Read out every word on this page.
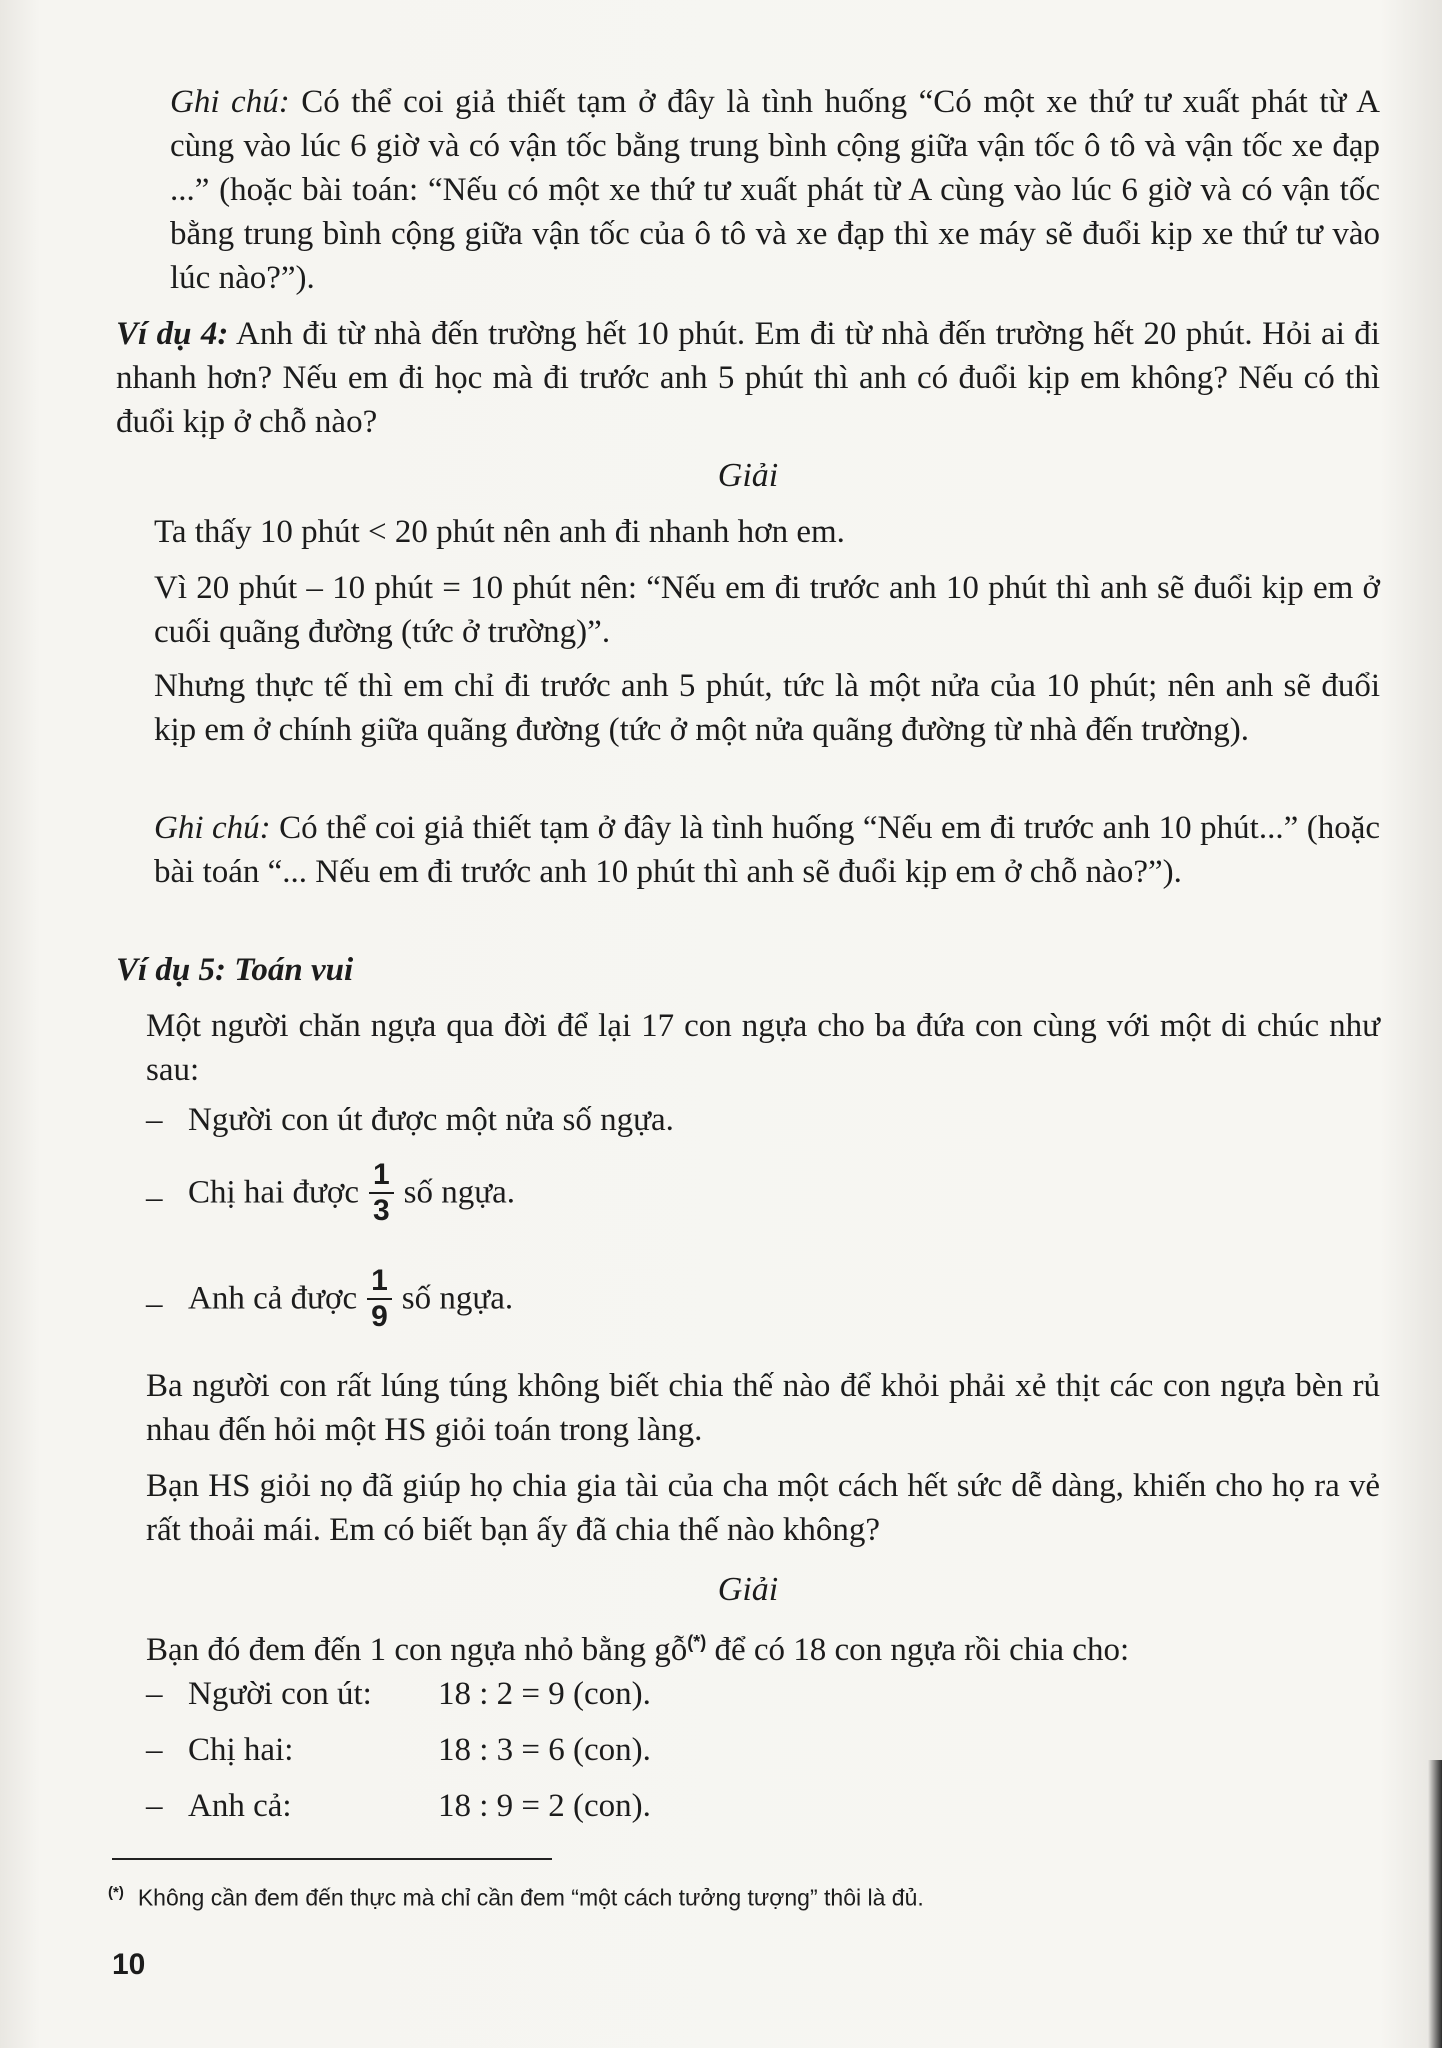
Ghi chú: Có thể coi giả thiết tạm ở đây là tình huống “Có một xe thứ tư xuất phát từ A cùng vào lúc 6 giờ và có vận tốc bằng trung bình cộng giữa vận tốc ô tô và vận tốc xe đạp ...” (hoặc bài toán: “Nếu có một xe thứ tư xuất phát từ A cùng vào lúc 6 giờ và có vận tốc bằng trung bình cộng giữa vận tốc của ô tô và xe đạp thì xe máy sẽ đuổi kịp xe thứ tư vào lúc nào?”).

Ví dụ 4: Anh đi từ nhà đến trường hết 10 phút. Em đi từ nhà đến trường hết 20 phút. Hỏi ai đi nhanh hơn? Nếu em đi học mà đi trước anh 5 phút thì anh có đuổi kịp em không? Nếu có thì đuổi kịp ở chỗ nào?

Giải

Ta thấy 10 phút < 20 phút nên anh đi nhanh hơn em.

Vì 20 phút – 10 phút = 10 phút nên: “Nếu em đi trước anh 10 phút thì anh sẽ đuổi kịp em ở cuối quãng đường (tức ở trường)”.

Nhưng thực tế thì em chỉ đi trước anh 5 phút, tức là một nửa của 10 phút; nên anh sẽ đuổi kịp em ở chính giữa quãng đường (tức ở một nửa quãng đường từ nhà đến trường).

Ghi chú: Có thể coi giả thiết tạm ở đây là tình huống “Nếu em đi trước anh 10 phút...” (hoặc bài toán “... Nếu em đi trước anh 10 phút thì anh sẽ đuổi kịp em ở chỗ nào?”).

Ví dụ 5: Toán vui

Một người chăn ngựa qua đời để lại 17 con ngựa cho ba đứa con cùng với một di chúc như sau:

– Người con út được một nửa số ngựa.
– Chị hai được $\frac{1}{3}$ số ngựa.
– Anh cả được $\frac{1}{9}$ số ngựa.

Ba người con rất lúng túng không biết chia thế nào để khỏi phải xẻ thịt các con ngựa bèn rủ nhau đến hỏi một HS giỏi toán trong làng.

Bạn HS giỏi nọ đã giúp họ chia gia tài của cha một cách hết sức dễ dàng, khiến cho họ ra vẻ rất thoải mái. Em có biết bạn ấy đã chia thế nào không?

Giải

Bạn đó đem đến 1 con ngựa nhỏ bằng gỗ(*) để có 18 con ngựa rồi chia cho:

– Người con út: 18 : 2 = 9 (con).
– Chị hai:	18 : 3 = 6 (con).
– Anh cả:	18 : 9 = 2 (con).
(*) Không cần đem đến thực mà chỉ cần đem “một cách tưởng tượng” thôi là đủ.
10
